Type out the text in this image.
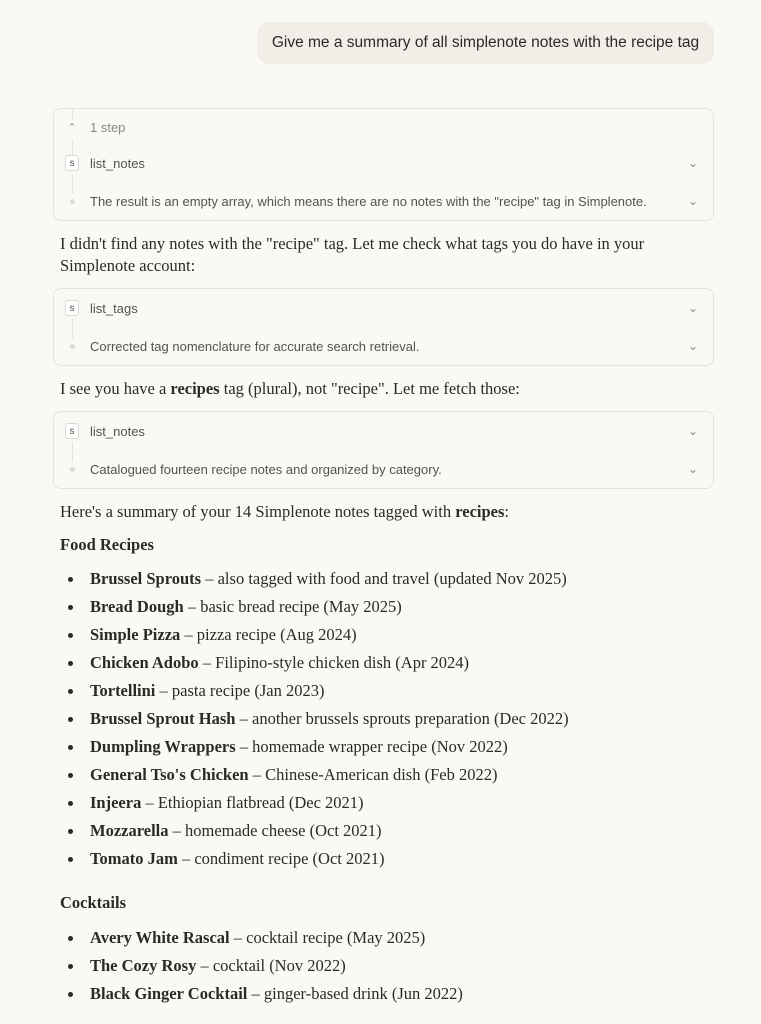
Give me a summary of all simplenote notes with the recipe tag
⌃ 1 step
s	list_notes	⌄
The result is an empty array, which means there are no notes with the "recipe" tag in Simplenote.	⌄
I didn't find any notes with the "recipe" tag. Let me check what tags you do have in your Simplenote account:
s	list_tags	⌄
Corrected tag nomenclature for accurate search retrieval.	⌄
I see you have a recipes tag (plural), not "recipe". Let me fetch those:
s	list_notes	⌄
Catalogued fourteen recipe notes and organized by category.	⌄
Here's a summary of your 14 Simplenote notes tagged with recipes:
Food Recipes
Brussel Sprouts – also tagged with food and travel (updated Nov 2025)
Bread Dough – basic bread recipe (May 2025)
Simple Pizza – pizza recipe (Aug 2024)
Chicken Adobo – Filipino-style chicken dish (Apr 2024)
Tortellini – pasta recipe (Jan 2023)
Brussel Sprout Hash – another brussels sprouts preparation (Dec 2022)
Dumpling Wrappers – homemade wrapper recipe (Nov 2022)
General Tso's Chicken – Chinese-American dish (Feb 2022)
Injeera – Ethiopian flatbread (Dec 2021)
Mozzarella – homemade cheese (Oct 2021)
Tomato Jam – condiment recipe (Oct 2021)
Cocktails
Avery White Rascal – cocktail recipe (May 2025)
The Cozy Rosy – cocktail (Nov 2022)
Black Ginger Cocktail – ginger-based drink (Jun 2022)
